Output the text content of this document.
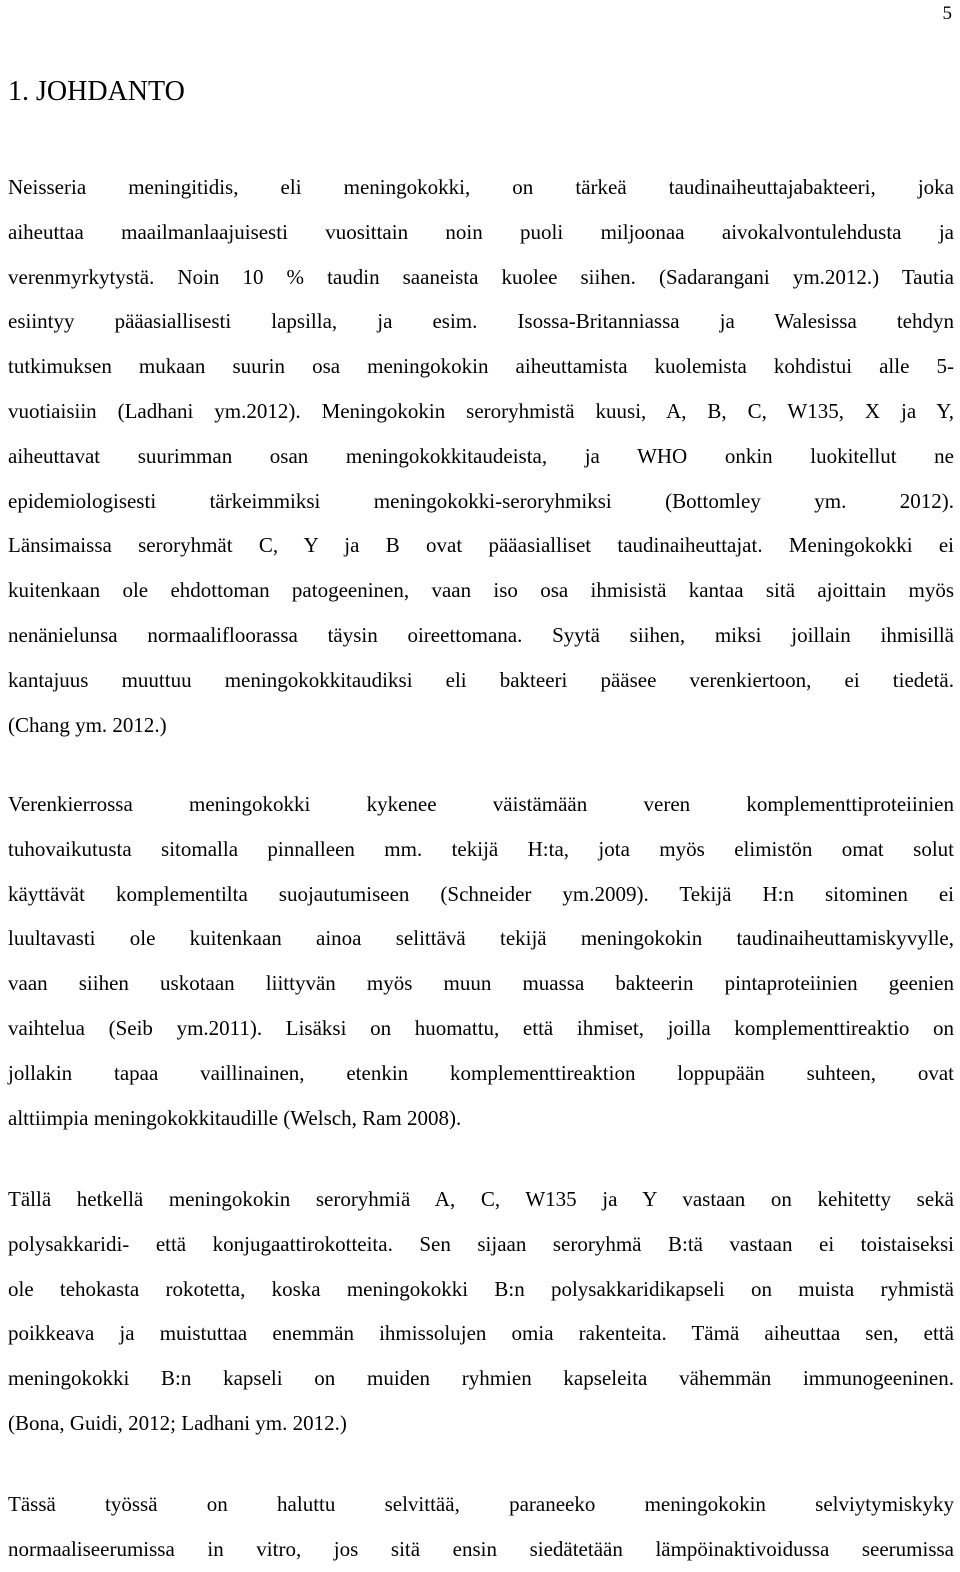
5
1. JOHDANTO

Neisseria meningitidis, eli meningokokki, on tärkeä taudinaiheuttajabakteeri, joka
aiheuttaa maailmanlaajuisesti vuosittain noin puoli miljoonaa aivokalvontulehdusta ja
verenmyrkytystä. Noin 10 % taudin saaneista kuolee siihen. (Sadarangani ym.2012.) Tautia
esiintyy pääasiallisesti lapsilla, ja esim. Isossa-Britanniassa ja Walesissa tehdyn
tutkimuksen mukaan suurin osa meningokokin aiheuttamista kuolemista kohdistui alle 5-
vuotiaisiin (Ladhani ym.2012). Meningokokin seroryhmistä kuusi, A, B, C, W135, X ja Y,
aiheuttavat suurimman osan meningokokkitaudeista, ja WHO onkin luokitellut ne
epidemiologisesti tärkeimmiksi meningokokki-seroryhmiksi (Bottomley ym. 2012).
Länsimaissa seroryhmät C, Y ja B ovat pääasialliset taudinaiheuttajat. Meningokokki ei
kuitenkaan ole ehdottoman patogeeninen, vaan iso osa ihmisistä kantaa sitä ajoittain myös
nenänielunsa normaalifloorassa täysin oireettomana. Syytä siihen, miksi joillain ihmisillä
kantajuus muuttuu meningokokkitaudiksi eli bakteeri pääsee verenkiertoon, ei tiedetä.
(Chang ym. 2012.)

Verenkierrossa meningokokki kykenee väistämään veren komplementtiproteiinien
tuhovaikutusta sitomalla pinnalleen mm. tekijä H:ta, jota myös elimistön omat solut
käyttävät komplementilta suojautumiseen (Schneider ym.2009). Tekijä H:n sitominen ei
luultavasti ole kuitenkaan ainoa selittävä tekijä meningokokin taudinaiheuttamiskyvylle,
vaan siihen uskotaan liittyvän myös muun muassa bakteerin pintaproteiinien geenien
vaihtelua (Seib ym.2011). Lisäksi on huomattu, että ihmiset, joilla komplementtireaktio on
jollakin tapaa vaillinainen, etenkin komplementtireaktion loppupään suhteen, ovat
alttiimpia meningokokkitaudille (Welsch, Ram 2008).

Tällä hetkellä meningokokin seroryhmiä A, C, W135 ja Y vastaan on kehitetty sekä
polysakkaridi- että konjugaattirokotteita. Sen sijaan seroryhmä B:tä vastaan ei toistaiseksi
ole tehokasta rokotetta, koska meningokokki B:n polysakkaridikapseli on muista ryhmistä
poikkeava ja muistuttaa enemmän ihmissolujen omia rakenteita. Tämä aiheuttaa sen, että
meningokokki B:n kapseli on muiden ryhmien kapseleita vähemmän immunogeeninen.
(Bona, Guidi, 2012; Ladhani ym. 2012.)

Tässä työssä on haluttu selvittää, paraneeko meningokokin selviytymiskyky
normaaliseerumissa in vitro, jos sitä ensin siedätetään lämpöinaktivoidussa seerumissa
